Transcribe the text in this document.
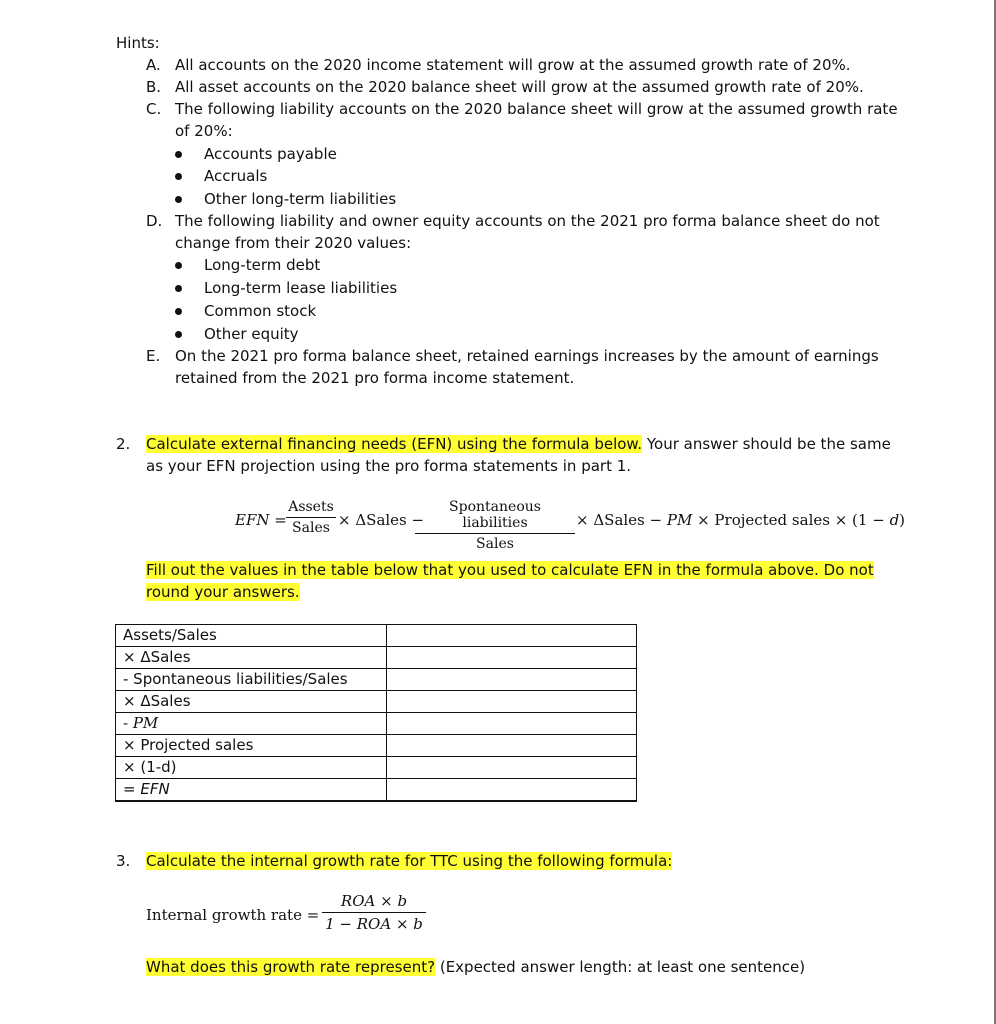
Hints:
A. All accounts on the 2020 income statement will grow at the assumed growth rate of 20%.
B. All asset accounts on the 2020 balance sheet will grow at the assumed growth rate of 20%.
C. The following liability accounts on the 2020 balance sheet will grow at the assumed growth rate
of 20%:
Accounts payable
Accruals
Other long-term liabilities
D. The following liability and owner equity accounts on the 2021 pro forma balance sheet do not
change from their 2020 values:
Long-term debt
Long-term lease liabilities
Common stock
Other equity
E. On the 2021 pro forma balance sheet, retained earnings increases by the amount of earnings
retained from the 2021 pro forma income statement.
2. Calculate external financing needs (EFN) using the formula below. Your answer should be the same
as your EFN projection using the pro forma statements in part 1.
EFN =
Assets
Sales × ΔSales −
Spontaneous liabilities
Sales
× ΔSales − PM × Projected sales × (1 − d)
Fill out the values in the table below that you used to calculate EFN in the formula above. Do not
round your answers.
Assets/Sales	
× ΔSales	
- Spontaneous liabilities/Sales	
× ΔSales	
- PM	
× Projected sales	
× (1-d)	
= EFN	
3. Calculate the internal growth rate for TTC using the following formula:
Internal growth rate =
ROA × b
1 − ROA × b
What does this growth rate represent? (Expected answer length: at least one sentence)
